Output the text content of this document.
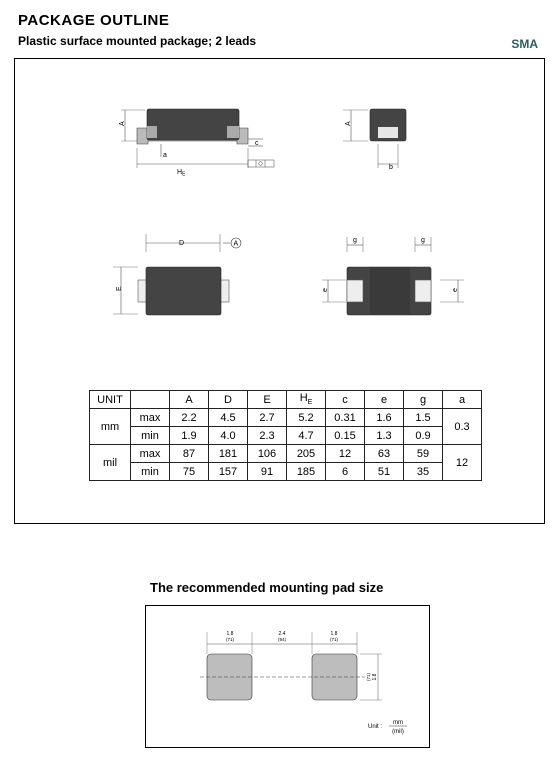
PACKAGE OUTLINE
Plastic surface mounted package; 2 leads	SMA
A
a
c
$H_E$
A
b
D	A
E
g	g
e	e
UNIT		A	D	E	$H_E$	c	e	g	a
mm	max	2.2	4.5	2.7	5.2	0.31	1.6	1.5	0.3
	min	1.9	4.0	2.3	4.7	0.15	1.3	0.9	
mil	max	87	181	106	205	12	63	59	12
	min	75	157	91	185	6	51	35	
The recommended mounting pad size
1.8
(71)
2.4
(94)
1.8
(71)
1.8
(71)
Unit :
mm
(mil)
